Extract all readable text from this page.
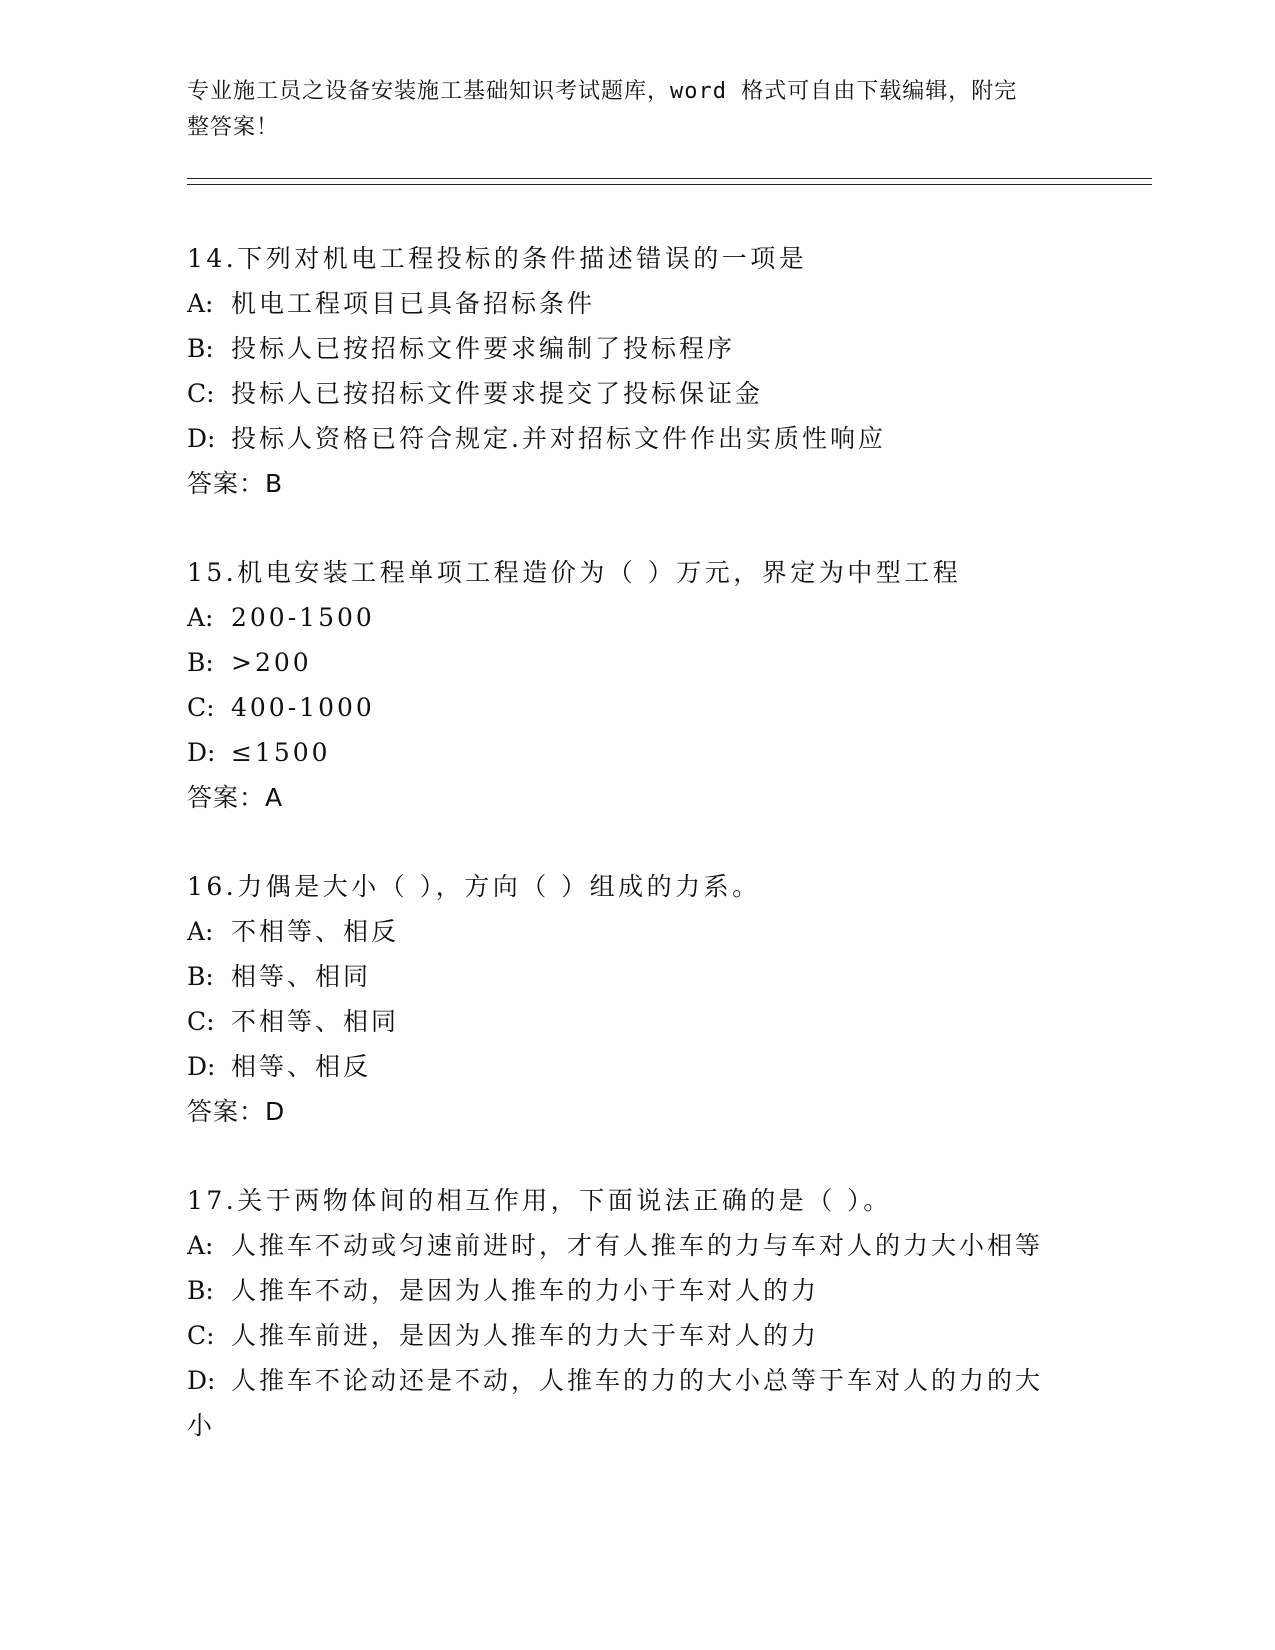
专业施工员之设备安装施工基础知识考试题库，word 格式可自由下载编辑，附完
整答案！
14.下列对机电工程投标的条件描述错误的一项是
A: 机电工程项目已具备招标条件
B: 投标人已按招标文件要求编制了投标程序
C: 投标人已按招标文件要求提交了投标保证金
D: 投标人资格已符合规定.并对招标文件作出实质性响应
答案：B
15.机电安装工程单项工程造价为（ ）万元，界定为中型工程
A: 200-1500
B: >200
C: 400-1000
D: ≤1500
答案：A
16.力偶是大小（ ），方向（ ）组成的力系。
A: 不相等、相反
B: 相等、相同
C: 不相等、相同
D: 相等、相反
答案：D
17.关于两物体间的相互作用，下面说法正确的是（ ）。
A: 人推车不动或匀速前进时，才有人推车的力与车对人的力大小相等
B: 人推车不动，是因为人推车的力小于车对人的力
C: 人推车前进，是因为人推车的力大于车对人的力
D: 人推车不论动还是不动，人推车的力的大小总等于车对人的力的大
小
